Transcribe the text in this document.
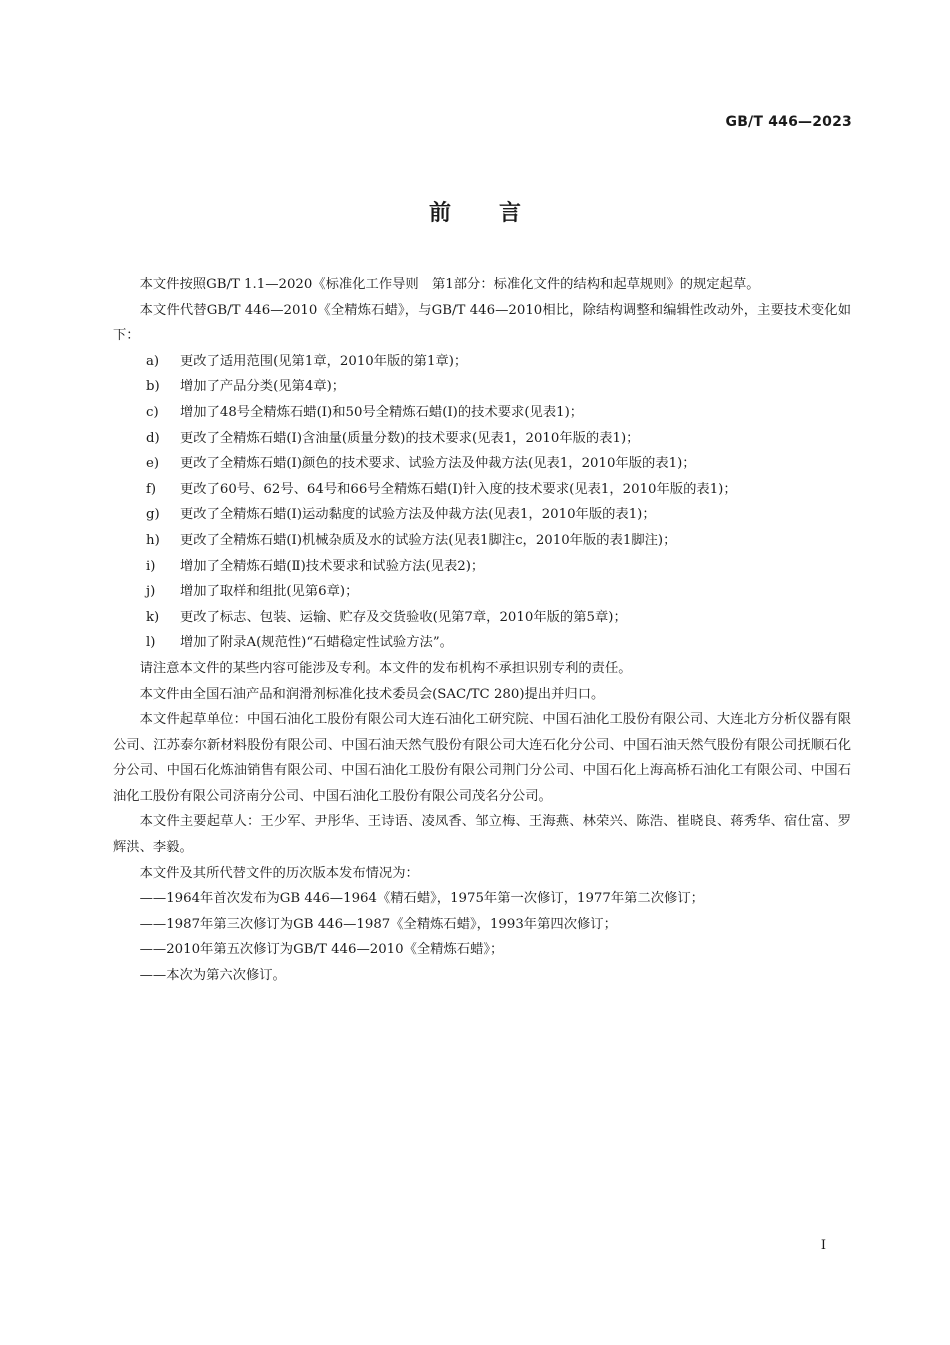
GB/T 446—2023
前言

本文件按照GB/T 1.1—2020《标准化工作导则　第1部分：标准化文件的结构和起草规则》的规定起草。

本文件代替GB/T 446—2010《全精炼石蜡》，与GB/T 446—2010相比，除结构调整和编辑性改动外，主要技术变化如下：

a) 更改了适用范围(见第1章，2010年版的第1章)；

b) 增加了产品分类(见第4章)；

c) 增加了48号全精炼石蜡(Ⅰ)和50号全精炼石蜡(Ⅰ)的技术要求(见表1)；

d) 更改了全精炼石蜡(Ⅰ)含油量(质量分数)的技术要求(见表1，2010年版的表1)；

e) 更改了全精炼石蜡(Ⅰ)颜色的技术要求、试验方法及仲裁方法(见表1，2010年版的表1)；

f) 更改了60号、62号、64号和66号全精炼石蜡(Ⅰ)针入度的技术要求(见表1，2010年版的表1)；

g) 更改了全精炼石蜡(Ⅰ)运动黏度的试验方法及仲裁方法(见表1，2010年版的表1)；

h) 更改了全精炼石蜡(Ⅰ)机械杂质及水的试验方法(见表1脚注c，2010年版的表1脚注)；

i) 增加了全精炼石蜡(Ⅱ)技术要求和试验方法(见表2)；

j) 增加了取样和组批(见第6章)；

k) 更改了标志、包装、运输、贮存及交货验收(见第7章，2010年版的第5章)；

l) 增加了附录A(规范性)“石蜡稳定性试验方法”。

请注意本文件的某些内容可能涉及专利。本文件的发布机构不承担识别专利的责任。

本文件由全国石油产品和润滑剂标准化技术委员会(SAC/TC 280)提出并归口。

本文件起草单位：中国石油化工股份有限公司大连石油化工研究院、中国石油化工股份有限公司、大连北方分析仪器有限公司、江苏泰尔新材料股份有限公司、中国石油天然气股份有限公司大连石化分公司、中国石油天然气股份有限公司抚顺石化分公司、中国石化炼油销售有限公司、中国石油化工股份有限公司荆门分公司、中国石化上海高桥石油化工有限公司、中国石油化工股份有限公司济南分公司、中国石油化工股份有限公司茂名分公司。

本文件主要起草人：王少军、尹彤华、王诗语、凌凤香、邹立梅、王海燕、林荣兴、陈浩、崔晓良、蒋秀华、宿仕富、罗辉洪、李毅。

本文件及其所代替文件的历次版本发布情况为：

——1964年首次发布为GB 446—1964《精石蜡》，1975年第一次修订，1977年第二次修订；

——1987年第三次修订为GB 446—1987《全精炼石蜡》，1993年第四次修订；

——2010年第五次修订为GB/T 446—2010《全精炼石蜡》；

——本次为第六次修订。

Ⅰ
